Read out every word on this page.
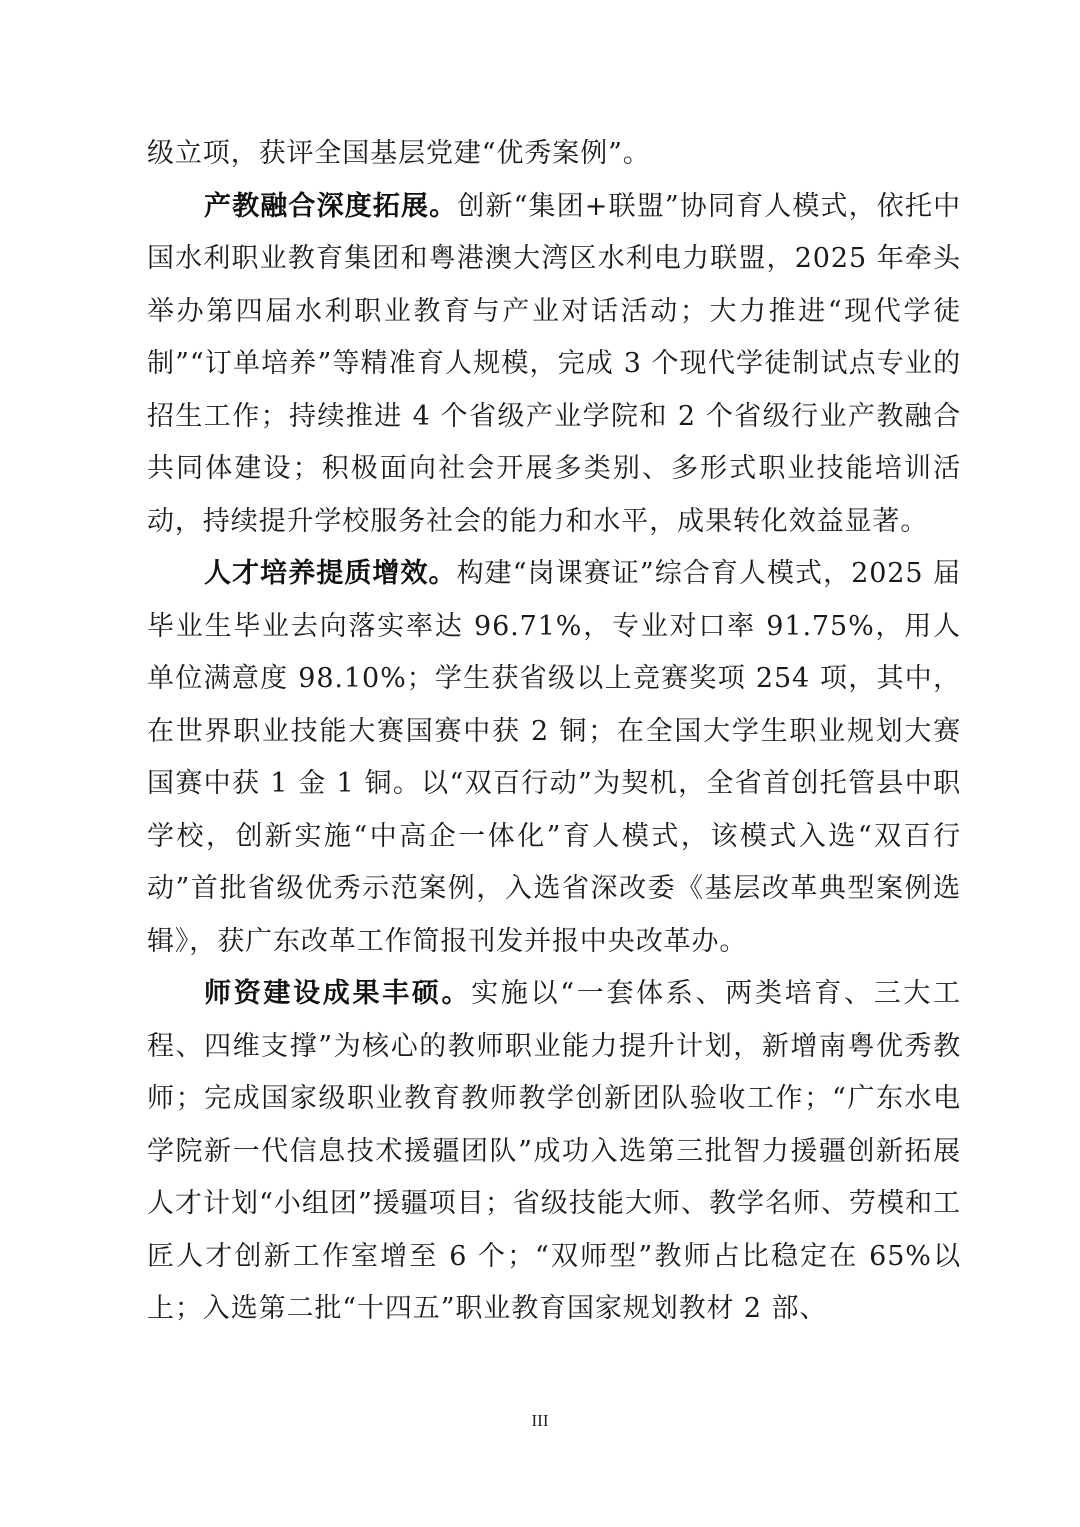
级立项，获评全国基层党建“优秀案例”。

产教融合深度拓展。创新“集团+联盟”协同育人模式，依托中国水利职业教育集团和粤港澳大湾区水利电力联盟，2025 年牵头举办第四届水利职业教育与产业对话活动；大力推进“现代学徒制”“订单培养”等精准育人规模，完成 3 个现代学徒制试点专业的招生工作；持续推进 4 个省级产业学院和 2 个省级行业产教融合共同体建设；积极面向社会开展多类别、多形式职业技能培训活动，持续提升学校服务社会的能力和水平，成果转化效益显著。

人才培养提质增效。构建“岗课赛证”综合育人模式，2025 届毕业生毕业去向落实率达 96.71%，专业对口率 91.75%，用人单位满意度 98.10%；学生获省级以上竞赛奖项 254 项，其中，在世界职业技能大赛国赛中获 2 铜；在全国大学生职业规划大赛国赛中获 1 金 1 铜。以“双百行动”为契机，全省首创托管县中职学校，创新实施“中高企一体化”育人模式，该模式入选“双百行动”首批省级优秀示范案例，入选省深改委《基层改革典型案例选辑》，获广东改革工作简报刊发并报中央改革办。

师资建设成果丰硕。实施以“一套体系、两类培育、三大工程、四维支撑”为核心的教师职业能力提升计划，新增南粤优秀教师；完成国家级职业教育教师教学创新团队验收工作；“广东水电学院新一代信息技术援疆团队”成功入选第三批智力援疆创新拓展人才计划“小组团”援疆项目；省级技能大师、教学名师、劳模和工匠人才创新工作室增至 6 个；“双师型”教师占比稳定在 65%以上；入选第二批“十四五”职业教育国家规划教材 2 部、

III
